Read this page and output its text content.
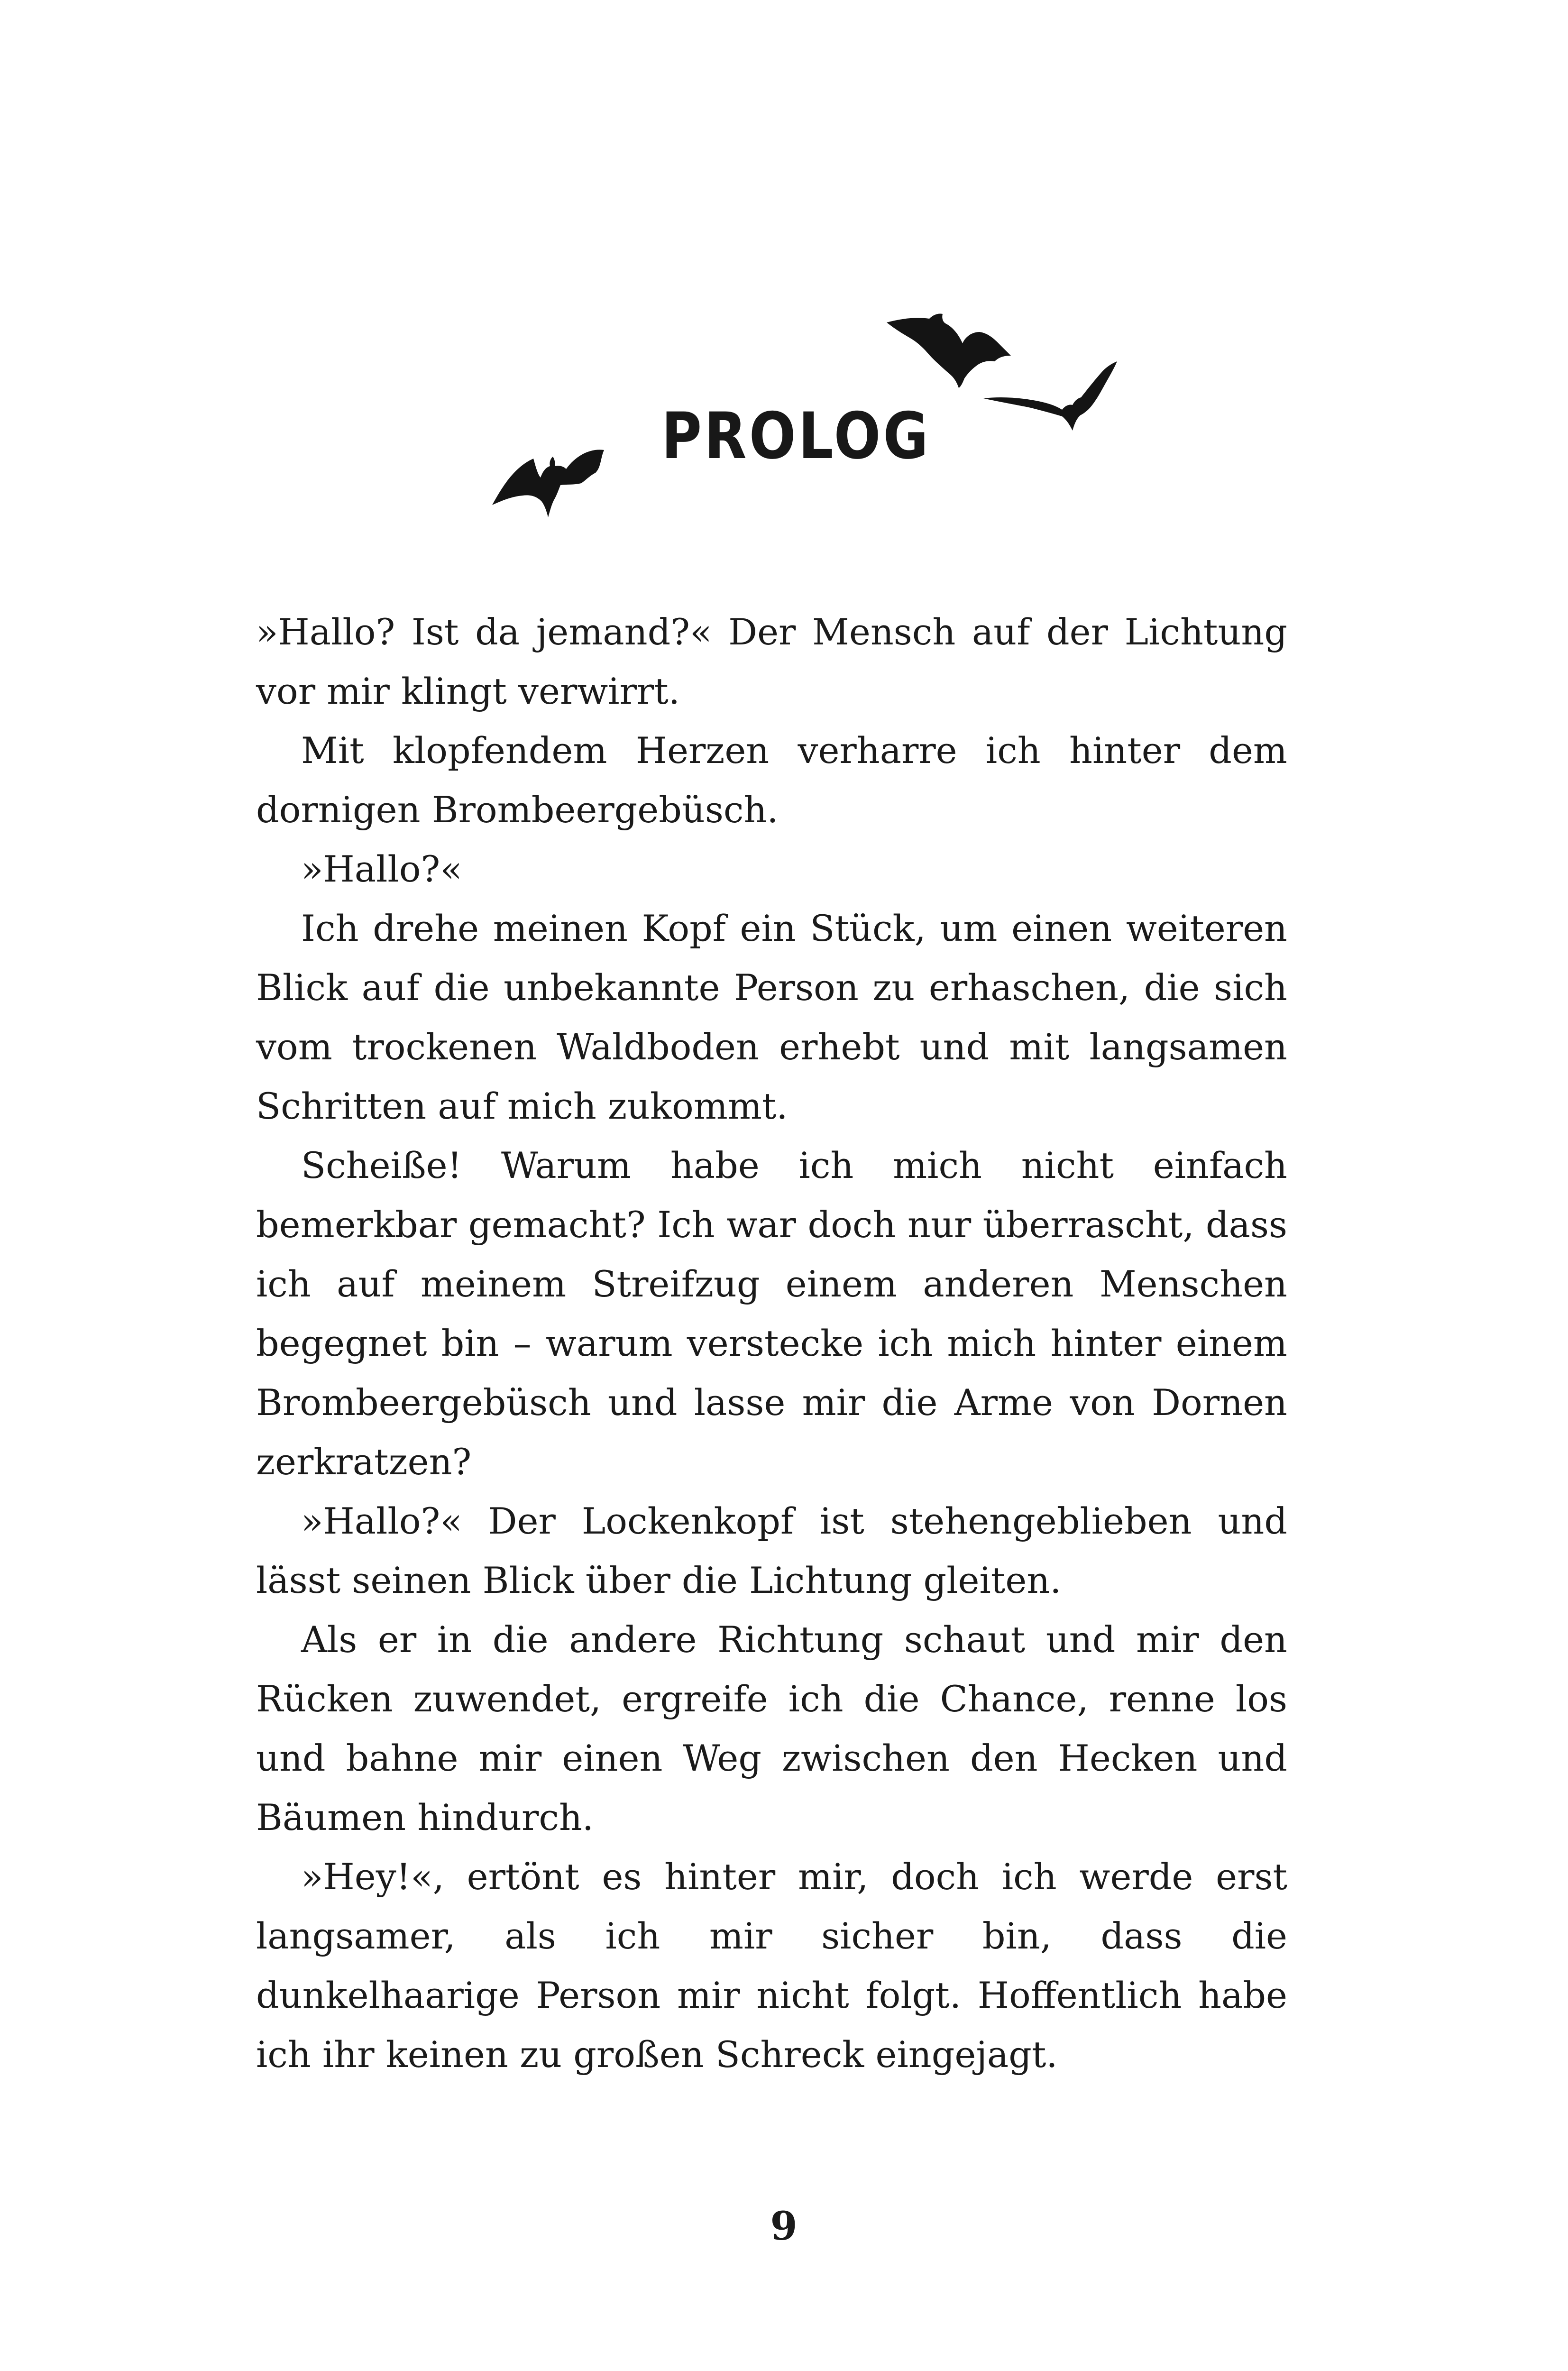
PROLOG

»Hallo? Ist da jemand?« Der Mensch auf der Lichtung vor mir klingt verwirrt.

Mit klopfendem Herzen verharre ich hinter dem dornigen Brombeergebüsch.

»Hallo?«

Ich drehe meinen Kopf ein Stück, um einen weiteren Blick auf die unbekannte Person zu erhaschen, die sich vom trockenen Waldboden erhebt und mit langsamen Schritten auf mich zukommt.

Scheiße! Warum habe ich mich nicht einfach bemerkbar gemacht? Ich war doch nur überrascht, dass ich auf meinem Streifzug einem anderen Menschen begegnet bin – warum verstecke ich mich hinter einem Brombeergebüsch und lasse mir die Arme von Dornen zerkratzen?

»Hallo?« Der Lockenkopf ist stehengeblieben und lässt seinen Blick über die Lichtung gleiten.

Als er in die andere Richtung schaut und mir den Rücken zuwendet, ergreife ich die Chance, renne los und bahne mir einen Weg zwischen den Hecken und Bäumen hindurch.

»Hey!«, ertönt es hinter mir, doch ich werde erst langsamer, als ich mir sicher bin, dass die dunkelhaarige Person mir nicht folgt. Hoffentlich habe ich ihr keinen zu großen Schreck eingejagt.

9
